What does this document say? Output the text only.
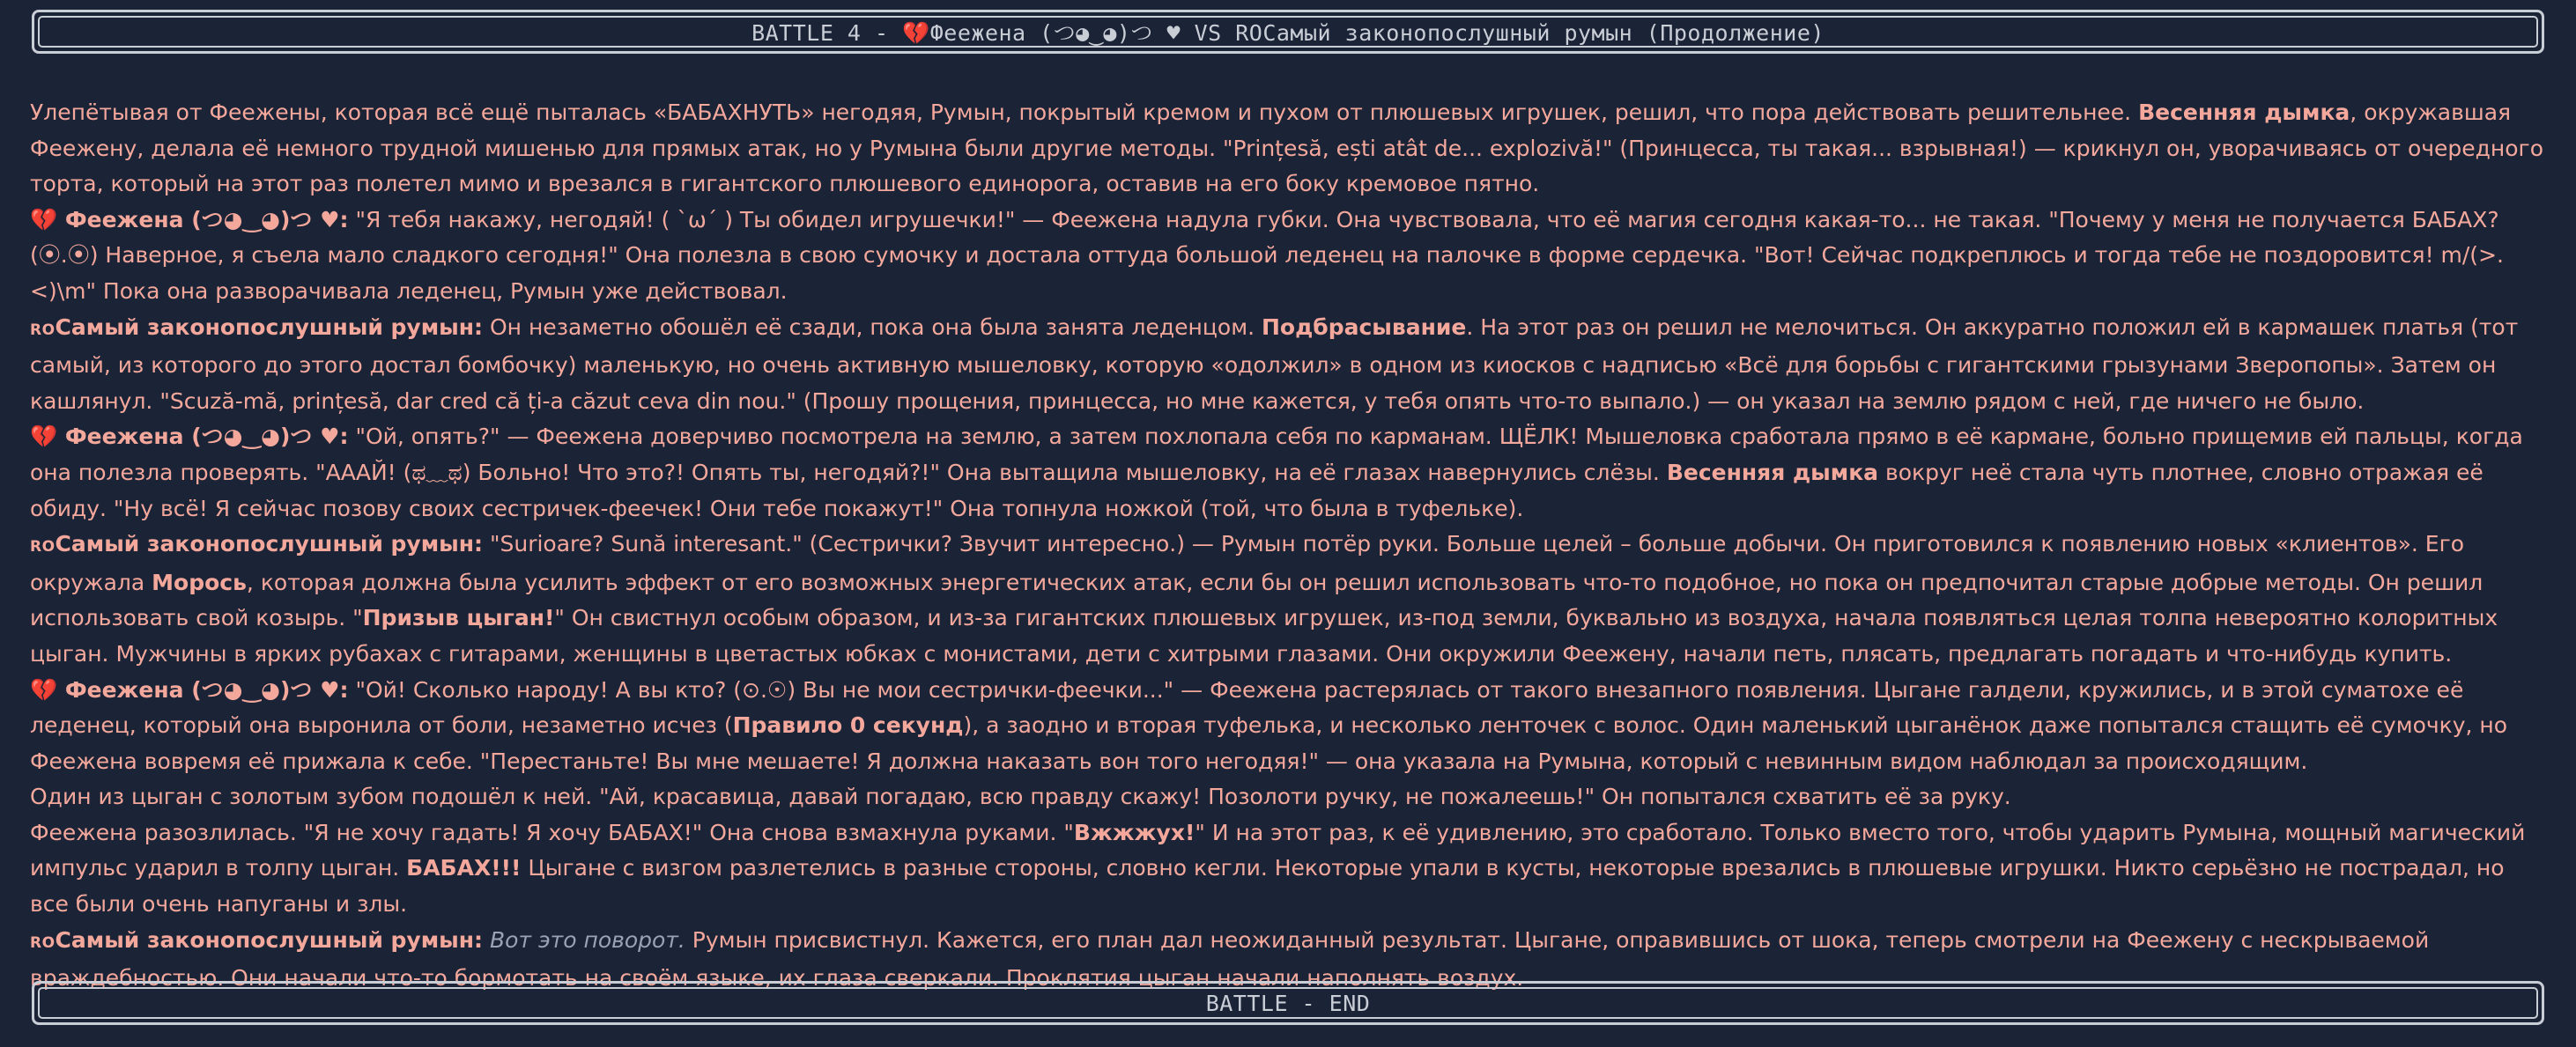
BATTLE 4 - 💔Феежена (つ◕‿◕)つ ♥ VS ROСамый законопослушный румын (Продолжение)

Улепётывая от Феежены, которая всё ещё пыталась «БАБАХНУТЬ» негодяя, Румын, покрытый кремом и пухом от плюшевых игрушек, решил, что пора действовать решительнее. Весенняя дымка, окружавшая Феежену, делала её немного трудной мишенью для прямых атак, но у Румына были другие методы. "Prințesă, ești atât de... explozivă!" (Принцесса, ты такая... взрывная!) — крикнул он, уворачиваясь от очередного торта, который на этот раз полетел мимо и врезался в гигантского плюшевого единорога, оставив на его боку кремовое пятно.

💔 Феежена (つ◕‿◕)つ ♥: "Я тебя накажу, негодяй! ( `ω´ ) Ты обидел игрушечки!" — Феежена надула губки. Она чувствовала, что её магия сегодня какая-то... не такая. "Почему у меня не получается БАБАХ? (⦿.⦿) Наверное, я съела мало сладкого сегодня!" Она полезла в свою сумочку и достала оттуда большой леденец на палочке в форме сердечка. "Вот! Сейчас подкреплюсь и тогда тебе не поздоровится! m/(>.<)\m" Пока она разворачивала леденец, Румын уже действовал.

ROСамый законопослушный румын: Он незаметно обошёл её сзади, пока она была занята леденцом. Подбрасывание. На этот раз он решил не мелочиться. Он аккуратно положил ей в кармашек платья (тот самый, из которого до этого достал бомбочку) маленькую, но очень активную мышеловку, которую «одолжил» в одном из киосков с надписью «Всё для борьбы с гигантскими грызунами Зверопопы». Затем он кашлянул. "Scuză-mă, prințesă, dar cred că ți-a căzut ceva din nou." (Прошу прощения, принцесса, но мне кажется, у тебя опять что-то выпало.) — он указал на землю рядом с ней, где ничего не было.

💔 Феежена (つ◕‿◕)つ ♥: "Ой, опять?" — Феежена доверчиво посмотрела на землю, а затем похлопала себя по карманам. ЩЁЛК! Мышеловка сработала прямо в её кармане, больно прищемив ей пальцы, когда она полезла проверять. "АААЙ! (ಥ﹏ಥ) Больно! Что это?! Опять ты, негодяй?!" Она вытащила мышеловку, на её глазах навернулись слёзы. Весенняя дымка вокруг неё стала чуть плотнее, словно отражая её обиду. "Ну всё! Я сейчас позову своих сестричек-феечек! Они тебе покажут!" Она топнула ножкой (той, что была в туфельке).

ROСамый законопослушный румын: "Surioare? Sună interesant." (Сестрички? Звучит интересно.) — Румын потёр руки. Больше целей – больше добычи. Он приготовился к появлению новых «клиентов». Его окружала Морось, которая должна была усилить эффект от его возможных энергетических атак, если бы он решил использовать что-то подобное, но пока он предпочитал старые добрые методы. Он решил использовать свой козырь. "Призыв цыган!" Он свистнул особым образом, и из-за гигантских плюшевых игрушек, из-под земли, буквально из воздуха, начала появляться целая толпа невероятно колоритных цыган. Мужчины в ярких рубахах с гитарами, женщины в цветастых юбках с монистами, дети с хитрыми глазами. Они окружили Феежену, начали петь, плясать, предлагать погадать и что-нибудь купить.

💔 Феежена (つ◕‿◕)つ ♥: "Ой! Сколько народу! А вы кто? (⊙.☉) Вы не мои сестрички-феечки..." — Феежена растерялась от такого внезапного появления. Цыгане галдели, кружились, и в этой суматохе её леденец, который она выронила от боли, незаметно исчез (Правило 0 секунд), а заодно и вторая туфелька, и несколько ленточек с волос. Один маленький цыганёнок даже попытался стащить её сумочку, но Феежена вовремя её прижала к себе. "Перестаньте! Вы мне мешаете! Я должна наказать вон того негодяя!" — она указала на Румына, который с невинным видом наблюдал за происходящим.

Один из цыган с золотым зубом подошёл к ней. "Ай, красавица, давай погадаю, всю правду скажу! Позолоти ручку, не пожалеешь!" Он попытался схватить её за руку.

Феежена разозлилась. "Я не хочу гадать! Я хочу БАБАХ!" Она снова взмахнула руками. "Вжжжух!" И на этот раз, к её удивлению, это сработало. Только вместо того, чтобы ударить Румына, мощный магический импульс ударил в толпу цыган. БАБАХ!!! Цыгане с визгом разлетелись в разные стороны, словно кегли. Некоторые упали в кусты, некоторые врезались в плюшевые игрушки. Никто серьёзно не пострадал, но все были очень напуганы и злы.

ROСамый законопослушный румын: Вот это поворот. Румын присвистнул. Кажется, его план дал неожиданный результат. Цыгане, оправившись от шока, теперь смотрели на Феежену с нескрываемой враждебностью. Они начали что-то бормотать на своём языке, их глаза сверкали. Проклятия цыган начали наполнять воздух.

BATTLE - END
